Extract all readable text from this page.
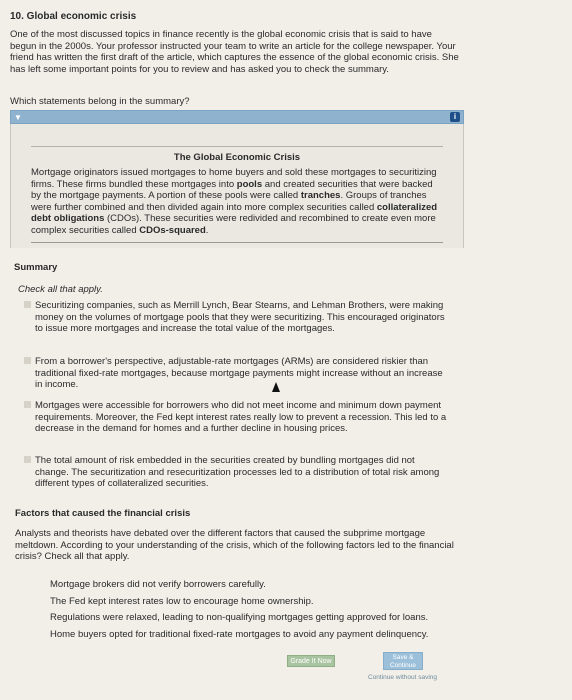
10. Global economic crisis
One of the most discussed topics in finance recently is the global economic crisis that is said to have begun in the 2000s. Your professor instructed your team to write an article for the college newspaper. Your friend has written the first draft of the article, which captures the essence of the global economic crisis. She has left some important points for you to review and has asked you to check the summary.
Which statements belong in the summary?
▼	i
The Global Economic Crisis
Mortgage originators issued mortgages to home buyers and sold these mortgages to securitizing firms. These firms bundled these mortgages into pools and created securities that were backed by the mortgage payments. A portion of these pools were called tranches. Groups of tranches were further combined and then divided again into more complex securities called collateralized debt obligations (CDOs). These securities were redivided and recombined to create even more complex securities called CDOs-squared.
Summary
Check all that apply.
Securitizing companies, such as Merrill Lynch, Bear Stearns, and Lehman Brothers, were making money on the volumes of mortgage pools that they were securitizing. This encouraged originators to issue more mortgages and increase the total value of the mortgages.
From a borrower's perspective, adjustable-rate mortgages (ARMs) are considered riskier than traditional fixed-rate mortgages, because mortgage payments might increase without an increase in income.
Mortgages were accessible for borrowers who did not meet income and minimum down payment requirements. Moreover, the Fed kept interest rates really low to prevent a recession. This led to a decrease in the demand for homes and a further decline in housing prices.
The total amount of risk embedded in the securities created by bundling mortgages did not change. The securitization and resecuritization processes led to a distribution of total risk among different types of collateralized securities.
Factors that caused the financial crisis
Analysts and theorists have debated over the different factors that caused the subprime mortgage meltdown. According to your understanding of the crisis, which of the following factors led to the financial crisis? Check all that apply.
Mortgage brokers did not verify borrowers carefully.
The Fed kept interest rates low to encourage home ownership.
Regulations were relaxed, leading to non-qualifying mortgages getting approved for loans.
Home buyers opted for traditional fixed-rate mortgages to avoid any payment delinquency.
Grade It Now
Save &
Continue
Continue without saving
